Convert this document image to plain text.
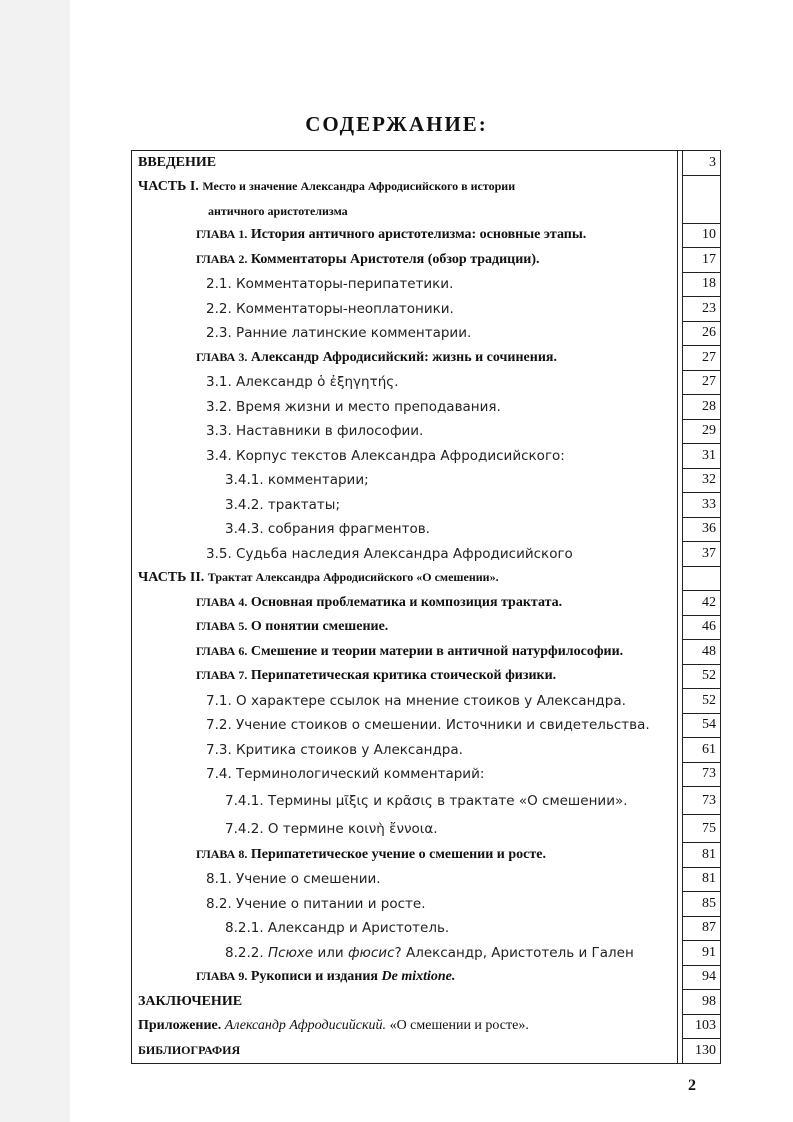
СОДЕРЖАНИЕ:
ВВЕДЕНИЕ		3

ЧАСТЬ I. Место и значение Александра Афродисийского в истории		

античного аристотелизма		

ГЛАВА 1. История античного аристотелизма: основные этапы.		10

ГЛАВА 2. Комментаторы Аристотеля (обзор традиции).		17

2.1. Комментаторы-перипатетики.		18

2.2. Комментаторы-неоплатоники.		23

2.3. Ранние латинские комментарии.		26

ГЛАВА 3. Александр Афродисийский: жизнь и сочинения.		27

3.1. Александр ὁ ἐξηγητής.		27

3.2. Время жизни и место преподавания.		28

3.3. Наставники в философии.		29

3.4. Корпус текстов Александра Афродисийского:		31

3.4.1. комментарии;		32

3.4.2. трактаты;		33

3.4.3. собрания фрагментов.		36

3.5. Судьба наследия Александра Афродисийского		37

ЧАСТЬ II. Трактат Александра Афродисийского «О смешении».		

ГЛАВА 4. Основная проблематика и композиция трактата.		42

ГЛАВА 5. О понятии смешение.		46

ГЛАВА 6. Смешение и теории материи в античной натурфилософии.		48

ГЛАВА 7. Перипатетическая критика стоической физики.		52

7.1. О характере ссылок на мнение стоиков у Александра.		52

7.2. Учение стоиков о смешении. Источники и свидетельства.		54

7.3. Критика стоиков у Александра.		61

7.4. Терминологический комментарий:		73

7.4.1. Термины μῖξις и κρᾶσις в трактате «О смешении».		73

7.4.2. О термине κοινὴ ἔννοια.		75

ГЛАВА 8. Перипатетическое учение о смешении и росте.		81

8.1. Учение о смешении.		81

8.2. Учение о питании и росте.		85

8.2.1. Александр и Аристотель.		87

8.2.2. Псюхе или фюсис? Александр, Аристотель и Гален		91

ГЛАВА 9. Рукописи и издания De mixtione.		94

ЗАКЛЮЧЕНИЕ		98

Приложение. Александр Афродисийский. «О смешении и росте».		103

БИБЛИОГРАФИЯ		130
2
